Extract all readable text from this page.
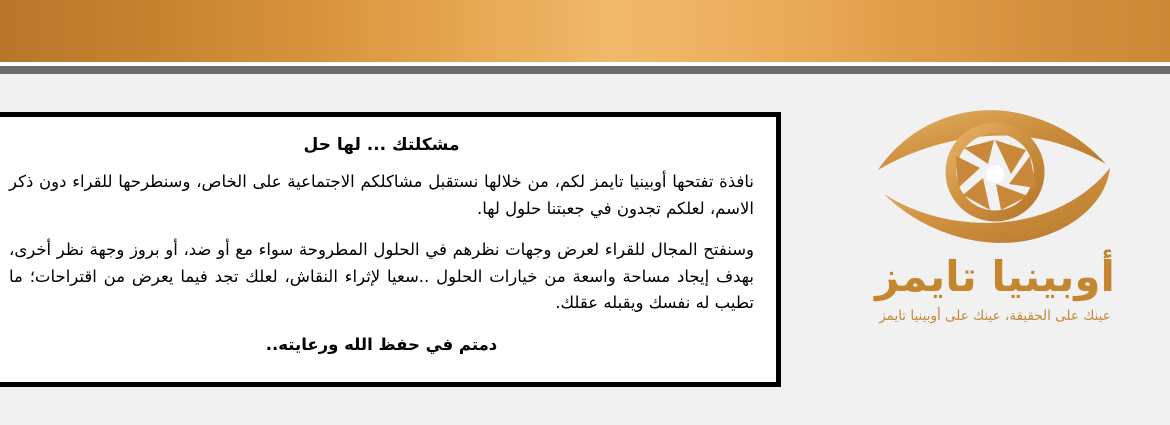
مشكلتك ... لها حل

نافذة تفتحها أوبينيا تايمز لكم، من خلالها نستقبل مشاكلكم الاجتماعية على الخاص، وسنطرحها للقراء دون ذكر الاسم، لعلكم تجدون في جعبتنا حلول لها.

وسنفتح المجال للقراء لعرض وجهات نظرهم في الحلول المطروحة سواء مع أو ضد، أو بروز وجهة نظر أخرى، بهدف إيجاد مساحة واسعة من خيارات الحلول ..سعيا لإثراء النقاش، لعلك تجد فيما يعرض من اقتراحات؛ ما تطيب له نفسك ويقبله عقلك.

دمتم في حفظ الله ورعايته..
أوبينيا تايمز
عينك على الحقيقة، عينك على أوبينيا تايمز
